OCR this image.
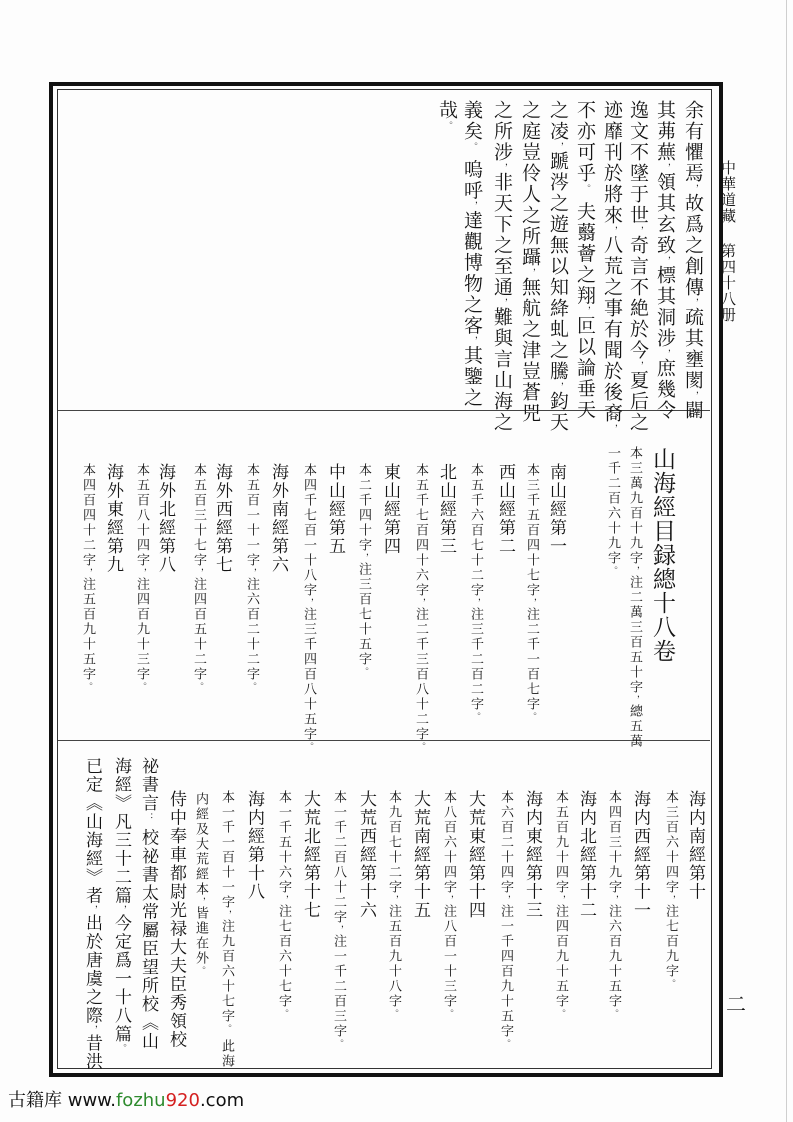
中華道藏
第四十八册
二
余有懼焉，故爲之創傳，疏其壅閡，闢
其茀蕪，領其玄致，標其洞涉，庶幾令
逸文不墜于世，奇言不絶於今，夏后之
迹靡刊於將來，八荒之事有聞於後裔，
不亦可乎。 夫蘙薈之翔，叵以論垂天
之凌，蹏涔之遊無以知絳虬之騰，鈞天
之庭豈伶人之所躡，無航之津豈蒼兕
之所涉，非天下之至通，難與言山海之
義矣。 嗚呼，達觀博物之客，其鑒之
哉。
山海經目録總十八卷
本三萬九百十九字，注二萬三百五十字，總五萬
一千二百六十九字。
南山經第一
本三千五百四十七字，注二千一百七字。
西山經第二
本五千六百七十二字，注三千二百二字。
北山經第三
本五千七百四十六字，注二千三百八十二字。
東山經第四
本二千四十字，注三百七十五字。
中山經第五
本四千七百一十八字，注三千四百八十五字。
海外南經第六
本五百一十一字，注六百二十二字。
海外西經第七
本五百三十七字，注四百五十二字。
海外北經第八
本五百八十四字，注四百九十三字。
海外東經第九
本四百四十二字，注五百九十五字。
海内南經第十
本三百六十四字，注七百九字。
海内西經第十一
本四百三十九字，注六百九十五字。
海内北經第十二
本五百九十四字，注四百九十五字。
海内東經第十三
本六百二十四字，注一千四百九十五字。
大荒東經第十四
本八百六十四字，注八百一十三字。
大荒南經第十五
本九百七十二字，注五百九十八字。
大荒西經第十六
本一千二百八十二字，注一千二百三字。
大荒北經第十七
本一千五十六字，注七百六十七字。
海内經第十八
本一千一百十一字，注九百六十七字。 此海
内經及大荒經本，皆進在外。
侍中奉車都尉光禄大夫臣秀領校
祕書言： 校祕書太常屬臣望所校《山
海經》凡三十二篇，今定爲一十八篇。
已定《山海經》者，出於唐虞之際，昔洪
古籍库 www.fozhu920.com
